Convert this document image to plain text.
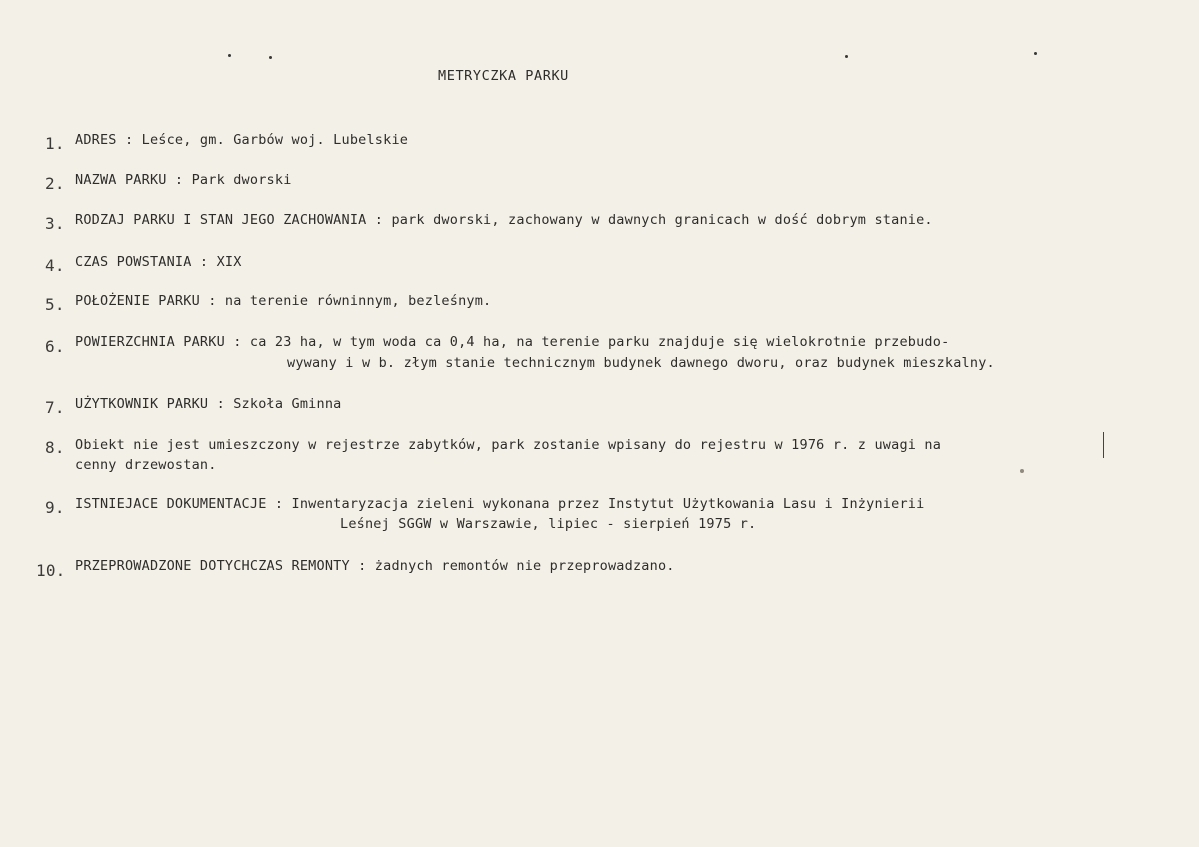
METRYCZKA PARKU
1. ADRES : Leśce, gm. Garbów woj. Lubelskie
2. NAZWA PARKU : Park dworski
3. RODZAJ PARKU I STAN JEGO ZACHOWANIA : park dworski, zachowany w dawnych granicach w dość dobrym stanie.
4. CZAS POWSTANIA : XIX
5. POŁOŻENIE PARKU : na terenie równinnym, bezleśnym.
6. POWIERZCHNIA PARKU : ca 23 ha, w tym woda ca 0,4 ha, na terenie parku znajduje się wielokrotnie przebudo-
wywany i w b. złym stanie technicznym budynek dawnego dworu, oraz budynek mieszkalny.
7. UŻYTKOWNIK PARKU : Szkoła Gminna
8. Obiekt nie jest umieszczony w rejestrze zabytków, park zostanie wpisany do rejestru w 1976 r. z uwagi na
cenny drzewostan.
9. ISTNIEJACE DOKUMENTACJE : Inwentaryzacja zieleni wykonana przez Instytut Użytkowania Lasu i Inżynierii
Leśnej SGGW w Warszawie, lipiec - sierpień 1975 r.
10. PRZEPROWADZONE DOTYCHCZAS REMONTY : żadnych remontów nie przeprowadzano.
